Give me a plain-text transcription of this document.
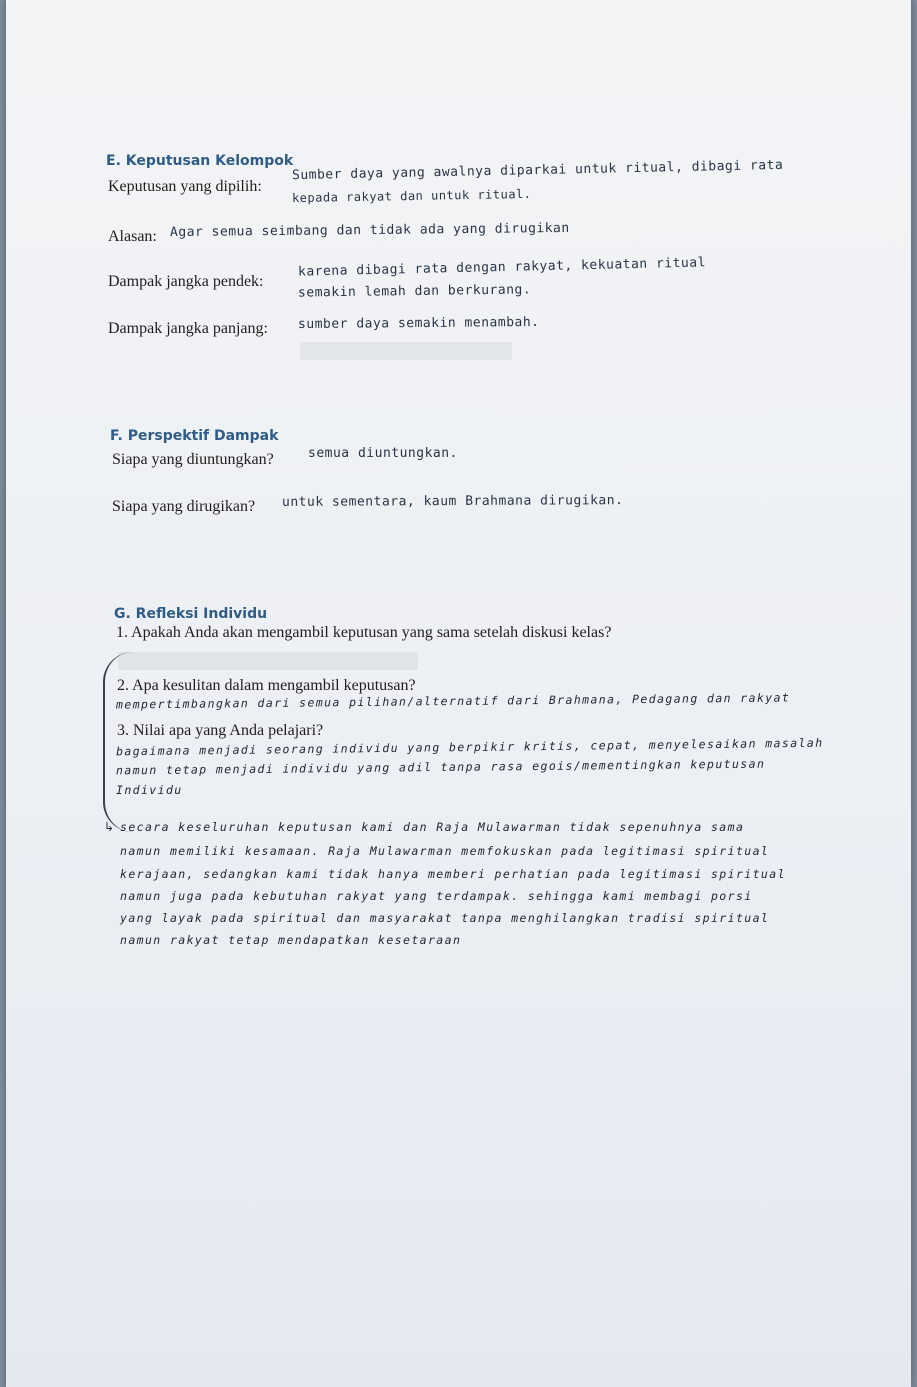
E. Keputusan Kelompok
Keputusan yang dipilih:
Sumber daya yang awalnya diparkai untuk ritual, dibagi rata
kepada rakyat dan untuk ritual.
Alasan: Agar semua seimbang dan tidak ada yang dirugikan
Dampak jangka pendek:
karena dibagi rata dengan rakyat, kekuatan ritual
semakin lemah dan berkurang.
Dampak jangka panjang: sumber daya semakin menambah.
F. Perspektif Dampak
Siapa yang diuntungkan?	semua diuntungkan.
Siapa yang dirugikan? untuk sementara, kaum Brahmana dirugikan.
G. Refleksi Individu
1. Apakah Anda akan mengambil keputusan yang sama setelah diskusi kelas?
2. Apa kesulitan dalam mengambil keputusan?
mempertimbangkan dari semua pilihan/alternatif dari Brahmana, Pedagang dan rakyat
3. Nilai apa yang Anda pelajari?
bagaimana menjadi seorang individu yang berpikir kritis, cepat, menyelesaikan masalah
namun tetap menjadi individu yang adil tanpa rasa egois/mementingkan keputusan
Individu
↳ secara keseluruhan keputusan kami dan Raja Mulawarman tidak sepenuhnya sama
namun memiliki kesamaan. Raja Mulawarman memfokuskan pada legitimasi spiritual
kerajaan, sedangkan kami tidak hanya memberi perhatian pada legitimasi spiritual
namun juga pada kebutuhan rakyat yang terdampak. sehingga kami membagi porsi
yang layak pada spiritual dan masyarakat tanpa menghilangkan tradisi spiritual
namun rakyat tetap mendapatkan kesetaraan
